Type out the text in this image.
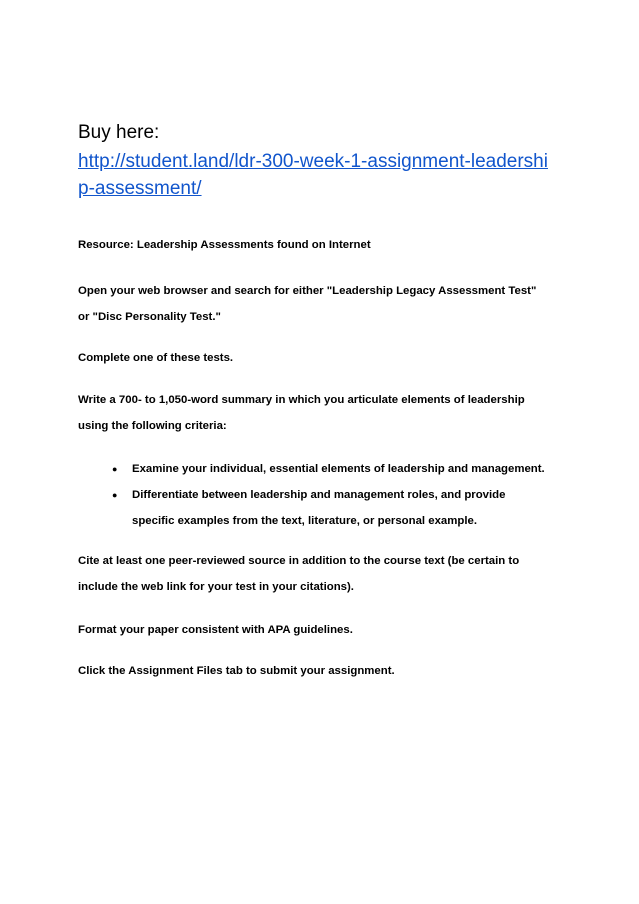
Buy here:
http://student.land/ldr-300-week-1-assignment-leadershi
p-assessment/

Resource: Leadership Assessments found on Internet

Open your web browser and search for either "Leadership Legacy Assessment Test"
or "Disc Personality Test."

Complete one of these tests.

Write a 700- to 1,050-word summary in which you articulate elements of leadership
using the following criteria:
● Examine your individual, essential elements of leadership and management.
● Differentiate between leadership and management roles, and provide
specific examples from the text, literature, or personal example.
Cite at least one peer-reviewed source in addition to the course text (be certain to
include the web link for your test in your citations).

Format your paper consistent with APA guidelines.

Click the Assignment Files tab to submit your assignment.
